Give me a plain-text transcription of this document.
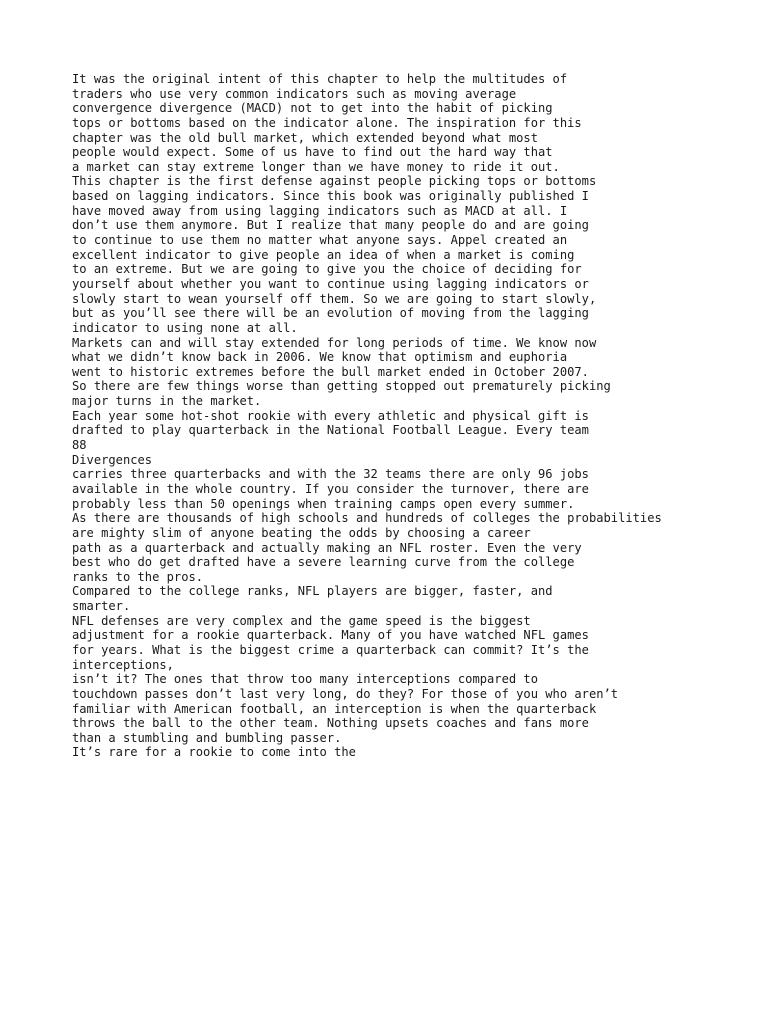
It was the original intent of this chapter to help the multitudes of
traders who use very common indicators such as moving average
convergence divergence (MACD) not to get into the habit of picking
tops or bottoms based on the indicator alone. The inspiration for this
chapter was the old bull market, which extended beyond what most
people would expect. Some of us have to find out the hard way that
a market can stay extreme longer than we have money to ride it out.
This chapter is the first defense against people picking tops or bottoms
based on lagging indicators. Since this book was originally published I
have moved away from using lagging indicators such as MACD at all. I
don’t use them anymore. But I realize that many people do and are going
to continue to use them no matter what anyone says. Appel created an
excellent indicator to give people an idea of when a market is coming
to an extreme. But we are going to give you the choice of deciding for
yourself about whether you want to continue using lagging indicators or
slowly start to wean yourself off them. So we are going to start slowly,
but as you’ll see there will be an evolution of moving from the lagging
indicator to using none at all.
Markets can and will stay extended for long periods of time. We know now
what we didn’t know back in 2006. We know that optimism and euphoria
went to historic extremes before the bull market ended in October 2007.
So there are few things worse than getting stopped out prematurely picking
major turns in the market.
Each year some hot-shot rookie with every athletic and physical gift is
drafted to play quarterback in the National Football League. Every team
88
Divergences
carries three quarterbacks and with the 32 teams there are only 96 jobs
available in the whole country. If you consider the turnover, there are
probably less than 50 openings when training camps open every summer.
As there are thousands of high schools and hundreds of colleges the probabilities
are mighty slim of anyone beating the odds by choosing a career
path as a quarterback and actually making an NFL roster. Even the very
best who do get drafted have a severe learning curve from the college
ranks to the pros.
Compared to the college ranks, NFL players are bigger, faster, and
smarter.
NFL defenses are very complex and the game speed is the biggest
adjustment for a rookie quarterback. Many of you have watched NFL games
for years. What is the biggest crime a quarterback can commit? It’s the
interceptions,
isn’t it? The ones that throw too many interceptions compared to
touchdown passes don’t last very long, do they? For those of you who aren’t
familiar with American football, an interception is when the quarterback
throws the ball to the other team. Nothing upsets coaches and fans more
than a stumbling and bumbling passer.
It’s rare for a rookie to come into the
